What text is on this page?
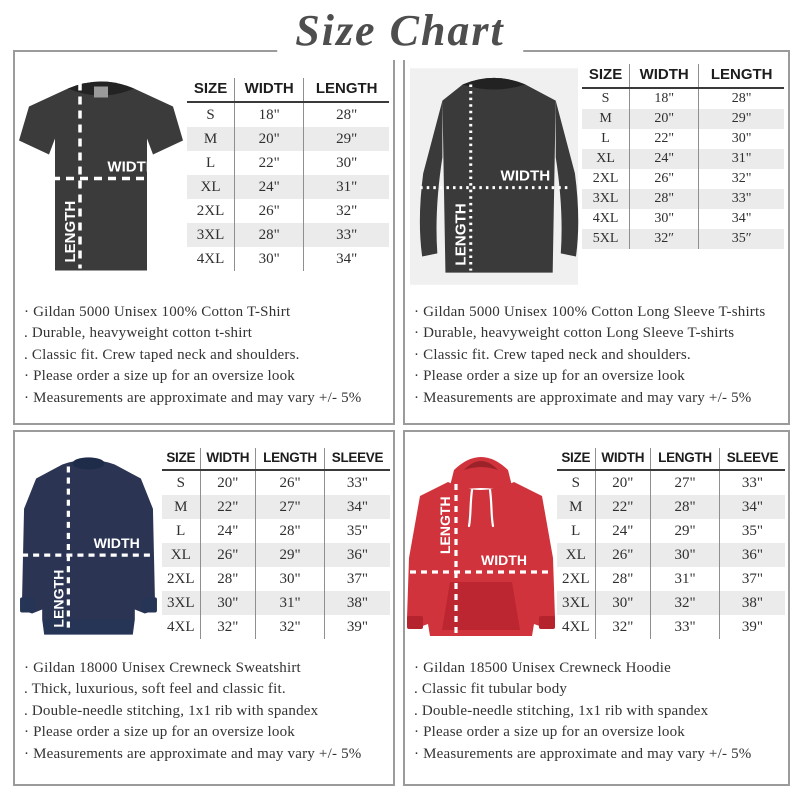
Size Chart
WIDTH
LENGTH
SIZE	WIDTH	LENGTH
S	18"	28"
M	20"	29"
L	22"	30"
XL	24"	31"
2XL	26"	32"
3XL	28"	33"
4XL	30"	34"
· Gildan 5000 Unisex 100% Cotton T-Shirt
. Durable, heavyweight cotton t-shirt
. Classic fit. Crew taped neck and shoulders.
· Please order a size up for an oversize look
· Measurements are approximate and may vary +/- 5%
WIDTH
LENGTH
SIZE	WIDTH	LENGTH
S	18"	28"
M	20"	29"
L	22"	30"
XL	24"	31"
2XL	26"	32"
3XL	28"	33"
4XL	30"	34"
5XL	32″	35″
· Gildan 5000 Unisex 100% Cotton Long Sleeve T-shirts
· Durable, heavyweight cotton Long Sleeve T-shirts
· Classic fit. Crew taped neck and shoulders.
· Please order a size up for an oversize look
· Measurements are approximate and may vary +/- 5%
WIDTH
LENGTH
SIZE	WIDTH	LENGTH	SLEEVE
S	20"	26"	33"
M	22"	27"	34"
L	24"	28"	35"
XL	26"	29"	36"
2XL	28"	30"	37"
3XL	30"	31"	38"
4XL	32"	32"	39"
· Gildan 18000 Unisex Crewneck Sweatshirt
. Thick, luxurious, soft feel and classic fit.
. Double-needle stitching, 1x1 rib with spandex
· Please order a size up for an oversize look
· Measurements are approximate and may vary +/- 5%
WIDTH
LENGTH
SIZE	WIDTH	LENGTH	SLEEVE
S	20"	27"	33"
M	22"	28"	34"
L	24"	29"	35"
XL	26"	30"	36"
2XL	28"	31"	37"
3XL	30"	32"	38"
4XL	32"	33"	39"
· Gildan 18500 Unisex Crewneck Hoodie
. Classic fit tubular body
. Double-needle stitching, 1x1 rib with spandex
· Please order a size up for an oversize look
· Measurements are approximate and may vary +/- 5%
